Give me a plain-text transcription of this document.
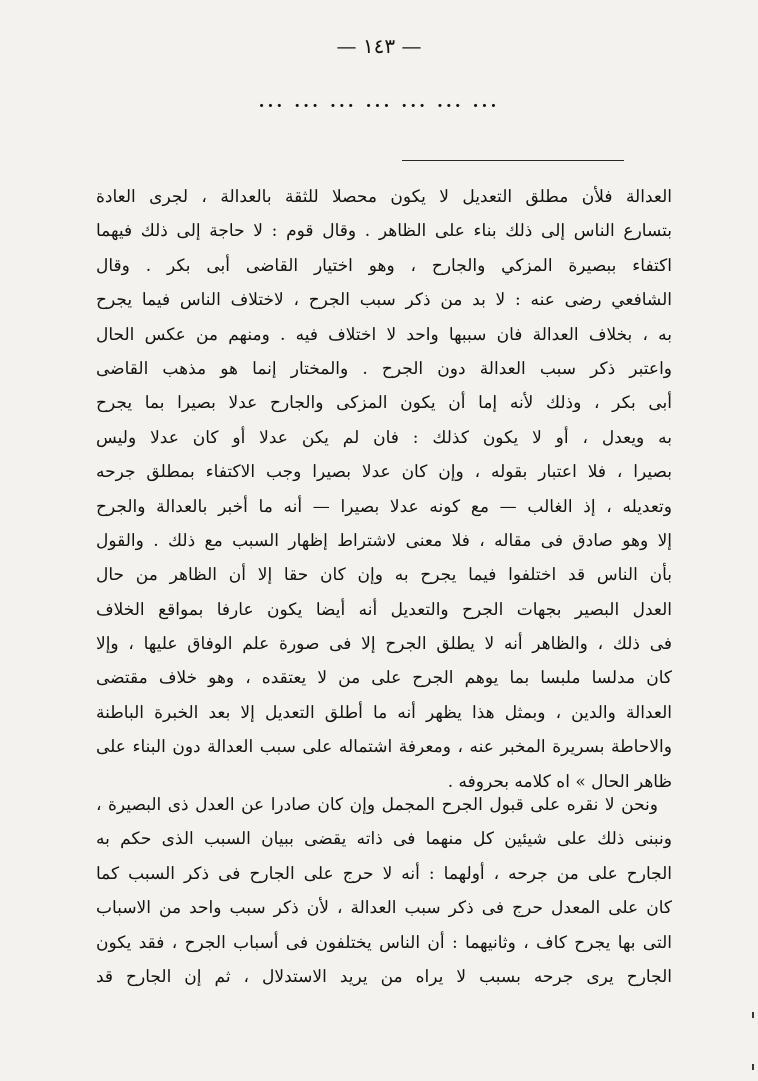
— ١٤٣ —
... ... ... ... ... ... ...
العدالة فلأن مطلق التعديل لا يكون محصلا للثقة بالعدالة ، لجرى العادة
بتسارع الناس إلى ذلك بناء على الظاهر . وقال قوم : لا حاجة إلى ذلك فيهما
اكتفاء ببصيرة المزكي والجارح ، وهو اختيار القاضى أبى بكر . وقال
الشافعي رضى عنه : لا بد من ذكر سبب الجرح ، لاختلاف الناس فيما يجرح
به ، بخلاف العدالة فان سببها واحد لا اختلاف فيه . ومنهم من عكس الحال
واعتبر ذكر سبب العدالة دون الجرح . والمختار إنما هو مذهب القاضى
أبى بكر ، وذلك لأنه إما أن يكون المزكى والجارح عدلا بصيرا بما يجرح
به ويعدل ، أو لا يكون كذلك : فان لم يكن عدلا أو كان عدلا وليس
بصيرا ، فلا اعتبار بقوله ، وإن كان عدلا بصيرا وجب الاكتفاء بمطلق جرحه
وتعديله ، إذ الغالب — مع كونه عدلا بصيرا — أنه ما أخبر بالعدالة والجرح
إلا وهو صادق فى مقاله ، فلا معنى لاشتراط إظهار السبب مع ذلك . والقول
بأن الناس قد اختلفوا فيما يجرح به وإن كان حقا إلا أن الظاهر من حال
العدل البصير بجهات الجرح والتعديل أنه أيضا يكون عارفا بمواقع الخلاف
فى ذلك ، والظاهر أنه لا يطلق الجرح إلا فى صورة علم الوفاق عليها ، وإلا
كان مدلسا ملبسا بما يوهم الجرح على من لا يعتقده ، وهو خلاف مقتضى
العدالة والدين ، وبمثل هذا يظهر أنه ما أطلق التعديل إلا بعد الخبرة الباطنة
والاحاطة بسريرة المخبر عنه ، ومعرفة اشتماله على سبب العدالة دون البناء على
ظاهر الحال » اه كلامه بحروفه .
ونحن لا نقره على قبول الجرح المجمل وإن كان صادرا عن العدل ذى البصيرة ،
ونبنى ذلك على شيئين كل منهما فى ذاته يقضى ببيان السبب الذى حكم به
الجارح على من جرحه ، أولهما : أنه لا حرج على الجارح فى ذكر السبب كما
كان على المعدل حرج فى ذكر سبب العدالة ، لأن ذكر سبب واحد من الاسباب
التى بها يجرح كاف ، وثانيهما : أن الناس يختلفون فى أسباب الجرح ، فقد يكون
الجارح يرى جرحه بسبب لا يراه من يريد الاستدلال ، ثم إن الجارح قد
